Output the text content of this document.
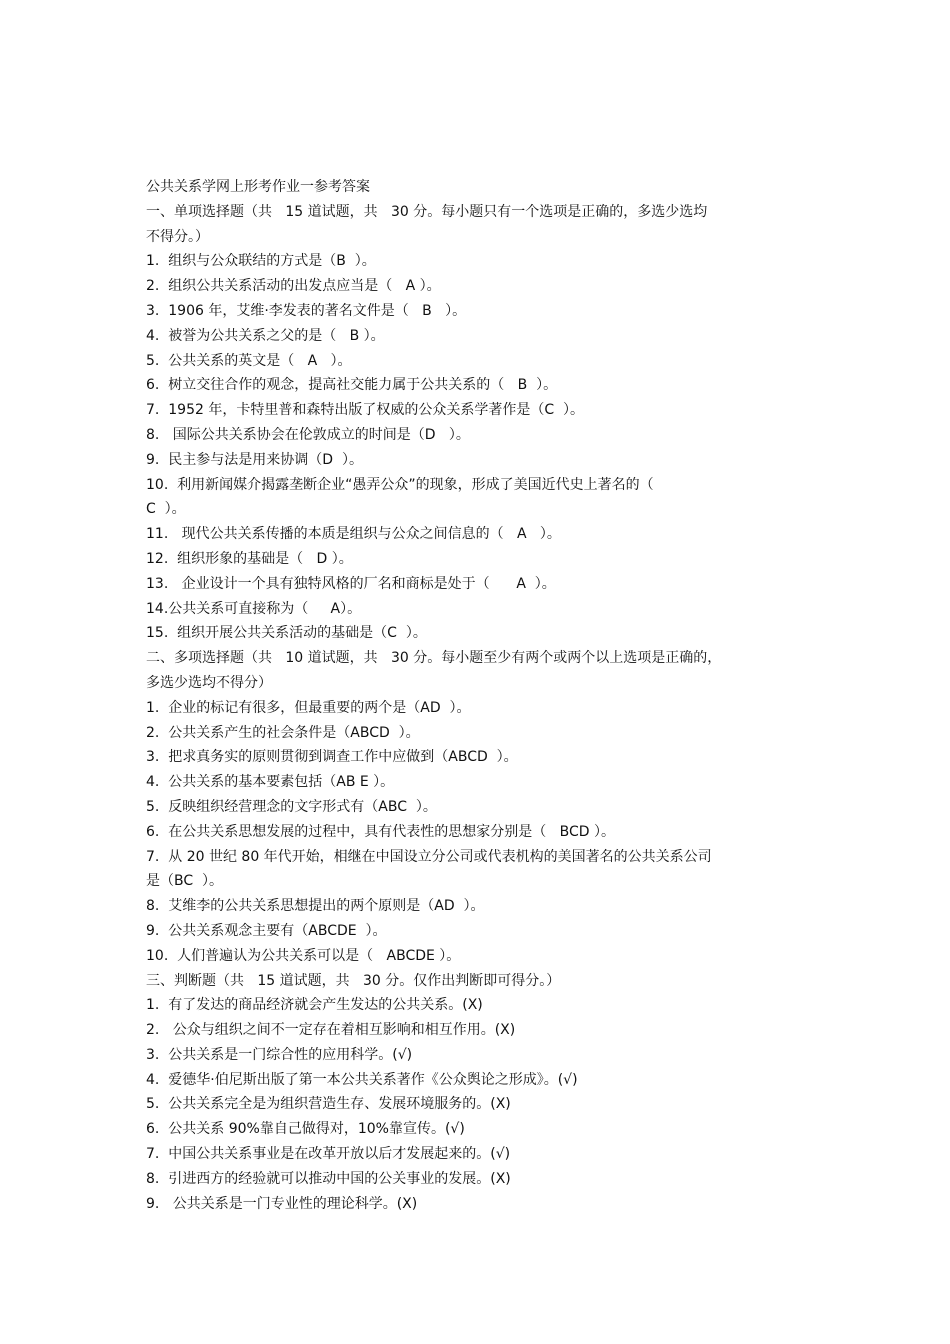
公共关系学网上形考作业一参考答案
一、单项选择题（共   15 道试题，共   30 分。每小题只有一个选项是正确的，多选少选均
不得分。）
1.  组织与公众联结的方式是（B  ）。
2.  组织公共关系活动的出发点应当是（   A ）。
3.  1906 年，艾维·李发表的著名文件是（   B   ）。
4.  被誉为公共关系之父的是（   B ）。
5.  公共关系的英文是（   A   ）。
6.  树立交往合作的观念，提高社交能力属于公共关系的（   B  ）。
7.  1952 年，卡特里普和森特出版了权威的公众关系学著作是（C  ）。
8.   国际公共关系协会在伦敦成立的时间是（D   ）。
9.  民主参与法是用来协调（D  ）。
10.  利用新闻媒介揭露垄断企业“愚弄公众”的现象，形成了美国近代史上著名的（
C  ）。
11.   现代公共关系传播的本质是组织与公众之间信息的（   A   ）。
12.  组织形象的基础是（   D ）。
13.   企业设计一个具有独特风格的厂名和商标是处于（      A  ）。
14.公共关系可直接称为（     A）。
15.  组织开展公共关系活动的基础是（C  ）。
二、多项选择题（共   10 道试题，共   30 分。每小题至少有两个或两个以上选项是正确的，
多选少选均不得分）
1.  企业的标记有很多，但最重要的两个是（AD  ）。
2.  公共关系产生的社会条件是（ABCD  ）。
3.  把求真务实的原则贯彻到调查工作中应做到（ABCD  ）。
4.  公共关系的基本要素包括（AB E ）。
5.  反映组织经营理念的文字形式有（ABC  ）。
6.  在公共关系思想发展的过程中，具有代表性的思想家分别是（   BCD ）。
7.  从 20 世纪 80 年代开始，相继在中国设立分公司或代表机构的美国著名的公共关系公司
是（BC  ）。
8.  艾维李的公共关系思想提出的两个原则是（AD  ）。
9.  公共关系观念主要有（ABCDE  ）。
10.  人们普遍认为公共关系可以是（   ABCDE ）。
三、判断题（共   15 道试题，共   30 分。仅作出判断即可得分。）
1.  有了发达的商品经济就会产生发达的公共关系。(X)
2.   公众与组织之间不一定存在着相互影响和相互作用。(X)
3.  公共关系是一门综合性的应用科学。(√)
4.  爱德华·伯尼斯出版了第一本公共关系著作《公众舆论之形成》。(√)
5.  公共关系完全是为组织营造生存、发展环境服务的。(X)
6.  公共关系 90%靠自己做得对，10%靠宣传。(√)
7.  中国公共关系事业是在改革开放以后才发展起来的。(√)
8.  引进西方的经验就可以推动中国的公关事业的发展。(X)
9.   公共关系是一门专业性的理论科学。(X)
